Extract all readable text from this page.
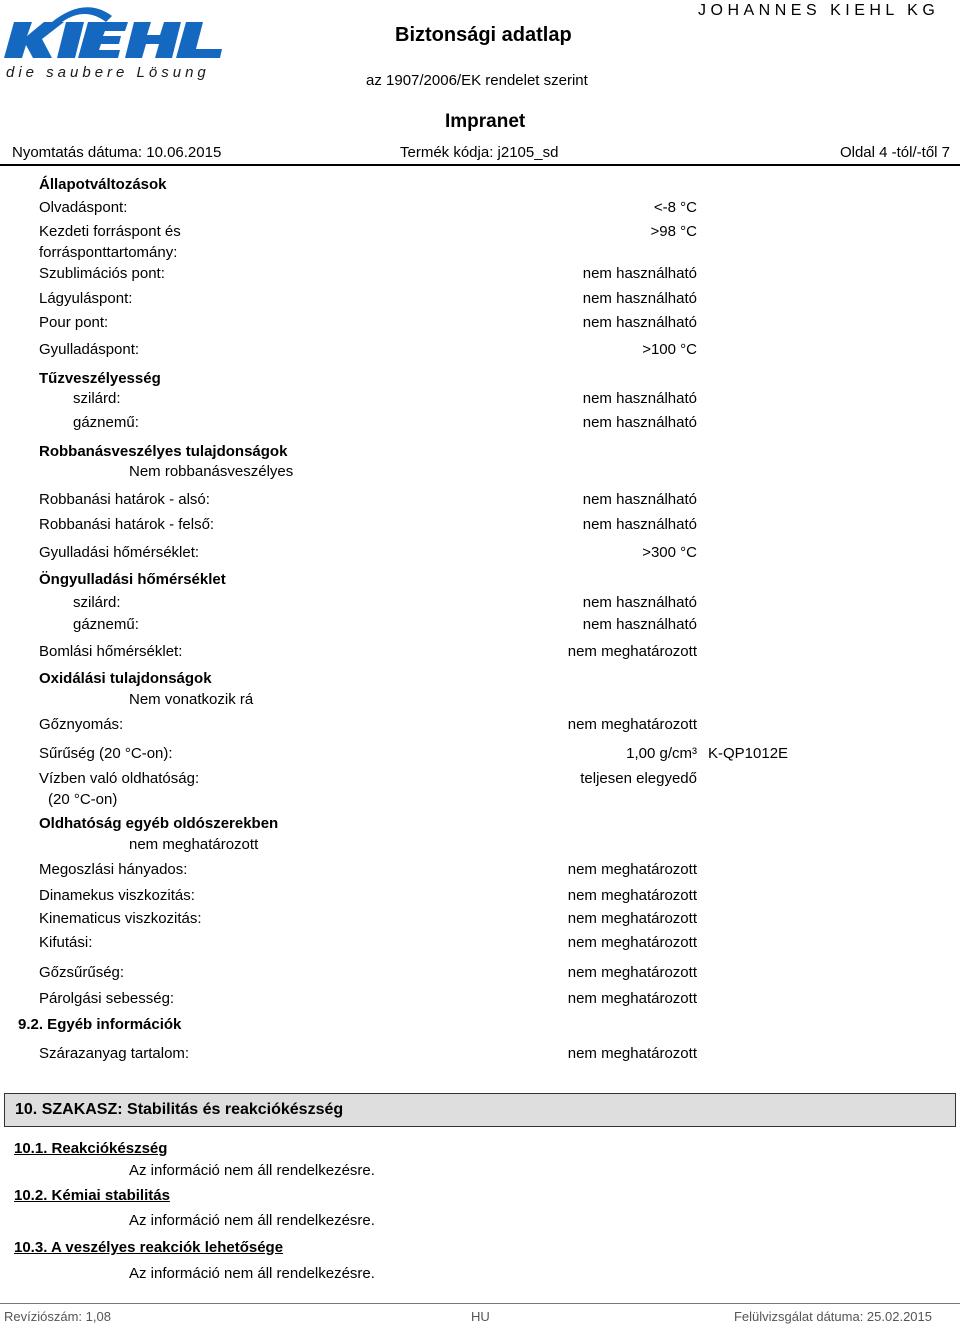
die saubere Lösung
Biztonsági adatlap
JOHANNES KIEHL KG
az 1907/2006/EK rendelet szerint
Impranet
Nyomtatás dátuma: 10.06.2015	Termék kódja: j2105_sd	Oldal 4 -tól/-től 7
Állapotváltozások
Olvadáspont:	<-8 °C
Kezdeti forráspont és	>98 °C
forrásponttartomány:
Szublimációs pont:	nem használható
Lágyuláspont:	nem használható
Pour pont:	nem használható
Gyulladáspont:	>100 °C
Tűzveszélyesség
szilárd:	nem használható
gáznemű:	nem használható
Robbanásveszélyes tulajdonságok
Nem robbanásveszélyes
Robbanási határok - alsó:	nem használható
Robbanási határok - felső:	nem használható
Gyulladási hőmérséklet:	>300 °C
Öngyulladási hőmérséklet
szilárd:	nem használható
gáznemű:	nem használható
Bomlási hőmérséklet:	nem meghatározott
Oxidálási tulajdonságok
Nem vonatkozik rá
Gőznyomás:	nem meghatározott
Sűrűség (20 °C-on):	1,00 g/cm³ K-QP1012E
Vízben való oldhatóság:	teljesen elegyedő
(20 °C-on)
Oldhatóság egyéb oldószerekben
nem meghatározott
Megoszlási hányados:	nem meghatározott
Dinamekus viszkozitás:	nem meghatározott
Kinematicus viszkozitás:	nem meghatározott
Kifutási:	nem meghatározott
Gőzsűrűség:	nem meghatározott
Párolgási sebesség:	nem meghatározott
9.2. Egyéb információk
Szárazanyag tartalom:	nem meghatározott
10. SZAKASZ: Stabilitás és reakciókészség
10.1. Reakciókészség
Az információ nem áll rendelkezésre.
10.2. Kémiai stabilitás
Az információ nem áll rendelkezésre.
10.3. A veszélyes reakciók lehetősége
Az információ nem áll rendelkezésre.
Revíziószám: 1,08	HU	Felülvizsgálat dátuma: 25.02.2015
